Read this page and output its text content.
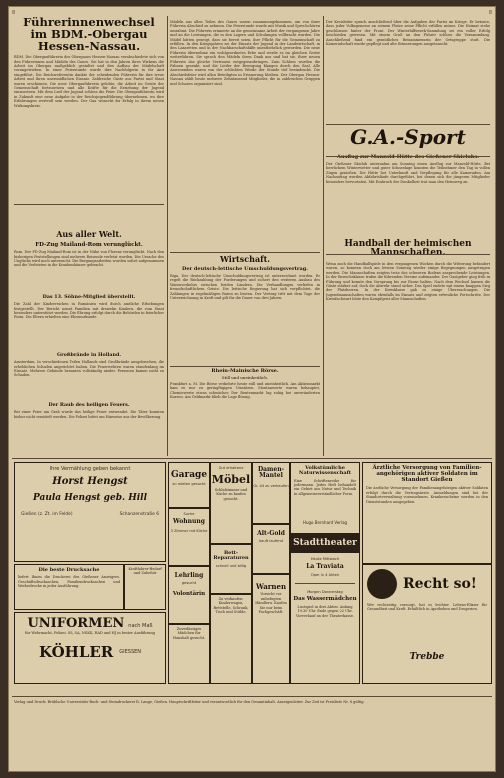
8	8
Führerinnenwechsel im BDM.-Obergau Hessen-Nassau.
BDM. Die Obergauführerin des Obergaues Hessen-Nassau verabschiedete sich von den Führerinnen und Mädeln des Gaues. Sie hat in den Jahren ihres Wirkens die Arbeit im Obergau maßgeblich gestaltet und den Aufbau der Mädelschaft vorangetrieben. In einer Feierstunde wurde ihre Nachfolgerin in ihr Amt eingeführt. Die Reichsreferentin dankte der scheidenden Führerin für ihre treue Arbeit und ihren unermüdlichen Einsatz. Zahlreiche Gäste aus Partei und Staat waren erschienen. Die neue Obergauführerin gelobte, die Arbeit im Geiste der Gemeinschaft fortzusetzen und alle Kräfte für die Erziehung der Jugend einzusetzen. Mit dem Lied der Jugend schloss die Feier. Die Obergauführerin wird in Zukunft eine neue Aufgabe in der Reichsjugendführung übernehmen, wo ihre Erfahrungen wertvoll sein werden. Der Gau wünscht ihr Erfolg in ihrem neuen Wirkungskreis.
Aus aller Welt.
FD-Zug Mailand-Rom verunglückt.
Rom. Der FD-Zug Mailand-Rom ist in der Nähe von Florenz verunglückt. Nach den bisherigen Feststellungen sind mehrere Reisende verletzt worden. Die Ursache des Unglücks wird noch untersucht. Die Bergungsarbeiten wurden sofort aufgenommen und die Verletzten in die Krankenhäuser gebracht.
Das 13. Söhne-Mitglied überstellt.
Die Zahl der Kinderreichen in Rumänien wird durch amtliche Erhebungen festgestellt. Der Bericht nennt Familien mit dreizehn Kindern, die vom Staat besonders unterstützt werden. Die Ehrung erfolgt durch die Behörden in feierlicher Form. Die Eltern erhielten eine Ehrenurkunde.
Großbrände in Holland.
Amsterdam. In verschiedenen Teilen Hollands sind Großbrände ausgebrochen, die erheblichen Schaden angerichtet haben. Die Feuerwehren waren stundenlang im Einsatz. Mehrere Gebäude brannten vollständig nieder. Personen kamen nicht zu Schaden.
Der Raub des heiligen Feuers.
Bei einer Feier am Grab wurde das heilige Feuer entwendet. Die Täter konnten bisher nicht ermittelt werden. Die Polizei bittet um Hinweise aus der Bevölkerung.
Mädeln aus allen Teilen des Gaues waren zusammengekommen, um von ihrer Führerin Abschied zu nehmen. Die Feierstunde wurde mit Musik und Sprechchören umrahmt. Die Führerin erinnerte an die gemeinsame Arbeit der vergangenen Jahre und an die Leistungen, die in den Lagern und Schulungen vollbracht wurden. Die Mädel hätten gezeigt, dass sie bereit seien, ihre Pflicht für die Gemeinschaft zu erfüllen. In den Kriegsjahren sei der Einsatz der Jugend in der Landwirtschaft, in den Lazaretten und in der Nachbarschaftshilfe unentbehrlich geworden. Die neue Führerin übernehme ein wohlgeordnetes Erbe und werde es im gleichen Geiste weiterführen. Sie sprach den Mädeln ihren Dank aus und bat sie, ihrer neuen Führerin das gleiche Vertrauen entgegenzubringen. Zum Schluss wurden die Fahnen gesenkt, und die Lieder der Bewegung klangen durch den Saal. Alle Anwesenden waren von der schlichten Würde der Stunde tief beeindruckt. Die Abschiedsfeier wird allen Beteiligten in Erinnerung bleiben. Der Obergau Hessen-Nassau zählt heute mehrere Zehntausend Mitglieder, die in zahlreichen Gruppen und Scharen organisiert sind.
Wirtschaft.
Der deutsch-lettische Umschuldungsvertrag.
Riga. Der deutsch-lettische Umschuldungsvertrag ist unterzeichnet worden. Er regelt die Rückzahlung der Forderungen und sichert den weiteren Ausbau des Warenverkehrs zwischen beiden Ländern. Die Verhandlungen verliefen in freundschaftlichem Geiste. Die lettische Regierung hat sich verpflichtet, die Zahlungen in regelmäßigen Raten zu leisten. Der Vertrag tritt mit dem Tage der Unterzeichnung in Kraft und gilt für die Dauer von drei Jahren.
Rhein-Mainische Börse.
Still und uneinheitlich.
Frankfurt a. M. Die Börse verkehrte heute still und uneinheitlich. Am Aktienmarkt kam es nur zu geringfügigen Umsätzen. Montanwerte waren behauptet, Chemiewerte etwas schwächer. Der Rentenmarkt lag ruhig bei unveränderten Kursen. Am Geldmarkt blieb die Lage flüssig.
Der Kreisleiter sprach anschließend über die Aufgaben der Partei im Kriege. Er betonte, dass jeder Volksgenosse an seinem Platze seine Pflicht erfüllen müsse. Die Heimat stehe geschlossen hinter der Front. Der Winterhilfswerk-Sammlung sei ein voller Erfolg beschieden gewesen. Mit einem Gruß an den Führer schloss die Versammlung. Anschließend fand ein gemütliches Beisammensein der Ortsgruppe statt. Die Kameradschaft wurde gepflegt und alte Erinnerungen ausgetauscht.
G.A.-Sport
Ausflug zur Manzold-Hütte des Gießener Skiclubs.
Der Gießener Skiclub unternahm am Sonntag einen Ausflug zur Manzold-Hütte. Bei herrlichem Winterwetter und guter Schneelage konnten die Teilnehmer den Tag in vollen Zügen genießen. Die Hütte bot Unterkunft und Verpflegung für alle Kameraden. Am Nachmittag wurden Abfahrtsläufe durchgeführt, bei denen sich die jüngeren Mitglieder besonders hervortaten. Mit Einbruch der Dunkelheit trat man den Heimweg an.
Handball der heimischen Mannschaften.
Wenn auch die Handballspiele in den vergangenen Wochen durch die Witterung behindert waren, so konnten doch am letzten Sonntag wieder einige Begegnungen ausgetragen werden. Die Mannschaften zeigten trotz des schweren Bodens ansprechende Leistungen. In der Bereichsklasse trafen die führenden Vereine aufeinander. Der Gastgeber ging früh in Führung und konnte den Vorsprung bis zur Pause halten. Nach dem Wechsel kamen die Gäste stärker auf, doch die Abwehr stand sicher. Das Spiel endete mit einem knappen Sieg der Platzherren. In der Kreisklasse gab es einige Überraschungen. Die Jugendmannschaften waren ebenfalls im Einsatz und zeigten erfreuliche Fortschritte. Der Kreisfachwart lobte den Kampfgeist aller Mannschaften.
Ihre Vermählung geben bekannt
Horst Hengst
Paula Hengst geb. Hill
Gießen (z. Zt. im Felde)	Schanzenstraße 6
Die beste Drucksache
liefert Ihnen die Druckerei des Gießener Anzeigers. Geschäftsdrucksachen, Familiendrucksachen und Werbedrucke in jeder Ausführung.
Kraftfahrer-Bedarf und Zubehör
UNIFORMEN nach Maß
für Wehrmacht, Polizei, SS, SA, NSKK, RAD und HJ in bester Ausführung
KÖHLER GIESSEN
Garage
zu mieten gesucht
Suche
Wohnung
3 Zimmer mit Küche
Lehrling
gesucht
Volontärin
Zuverlässiges Mädchen für Haushalt gesucht.
Gut erhaltene
Möbel
Schlafzimmer und Küche zu kaufen gesucht.
Bett-Reparaturen
schnell und billig
Zu verkaufen: Kinderwagen, Bettstelle, Schrank, Tisch und Stühle.
Damen-Mantel
Gr. 44 zu verkaufen
Alt-Gold
kauft laufend
Warnen
Vorsicht vor unbefugten Händlern. Kaufen Sie nur beim Fachgeschäft.
Volkstümliche Naturwissenschaft
Eine Schriftenreihe für jedermann. Jedes Heft behandelt ein Gebiet aus Natur und Technik in allgemeinverständlicher Form.
Hugo Bernhard Verlag
Stadttheater
Heute Mittwoch
La Traviata
Oper in 4 Akten
Morgen Donnerstag
Das Wassermädchen
Lustspiel in drei Akten. Anfang 19.30 Uhr. Ende gegen 22 Uhr. Vorverkauf an der Theaterkasse.
Ärztliche Versorgung von Familien-angehörigen aktiver Soldaten im Standort Gießen
Die ärztliche Versorgung der Familienangehörigen aktiver Soldaten erfolgt durch die Vertragsärzte. Anmeldungen sind bei der Standortverwaltung vorzunehmen. Krankenscheine werden in den Dienststunden ausgegeben.
Recht so!
Wer rechtzeitig vorsorgt, hat es leichter. Lebens-Elixier für Gesundheit und Kraft. Erhältlich in Apotheken und Drogerien.
Trebbe
Verlag und Druck: Brühlsche Universitäts-Buch- und Steindruckerei R. Lange, Gießen. Hauptschriftleiter und verantwortlich für den Gesamtinhalt. Anzeigenleiter. Zur Zeit ist Preisliste Nr. 8 gültig.
